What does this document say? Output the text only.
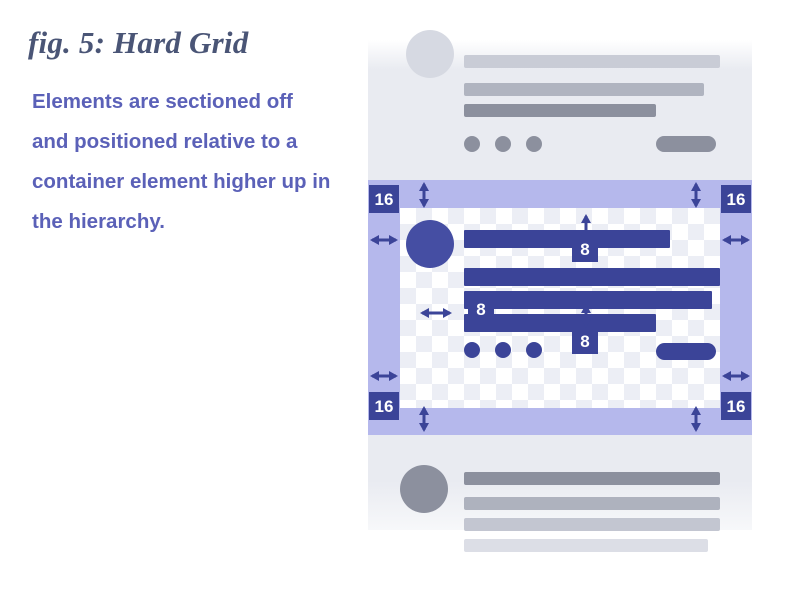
fig. 5: Hard Grid

Elements are sectioned off and positioned relative to a container element higher up in the hierarchy.

16	16
16	16
8
8
8
